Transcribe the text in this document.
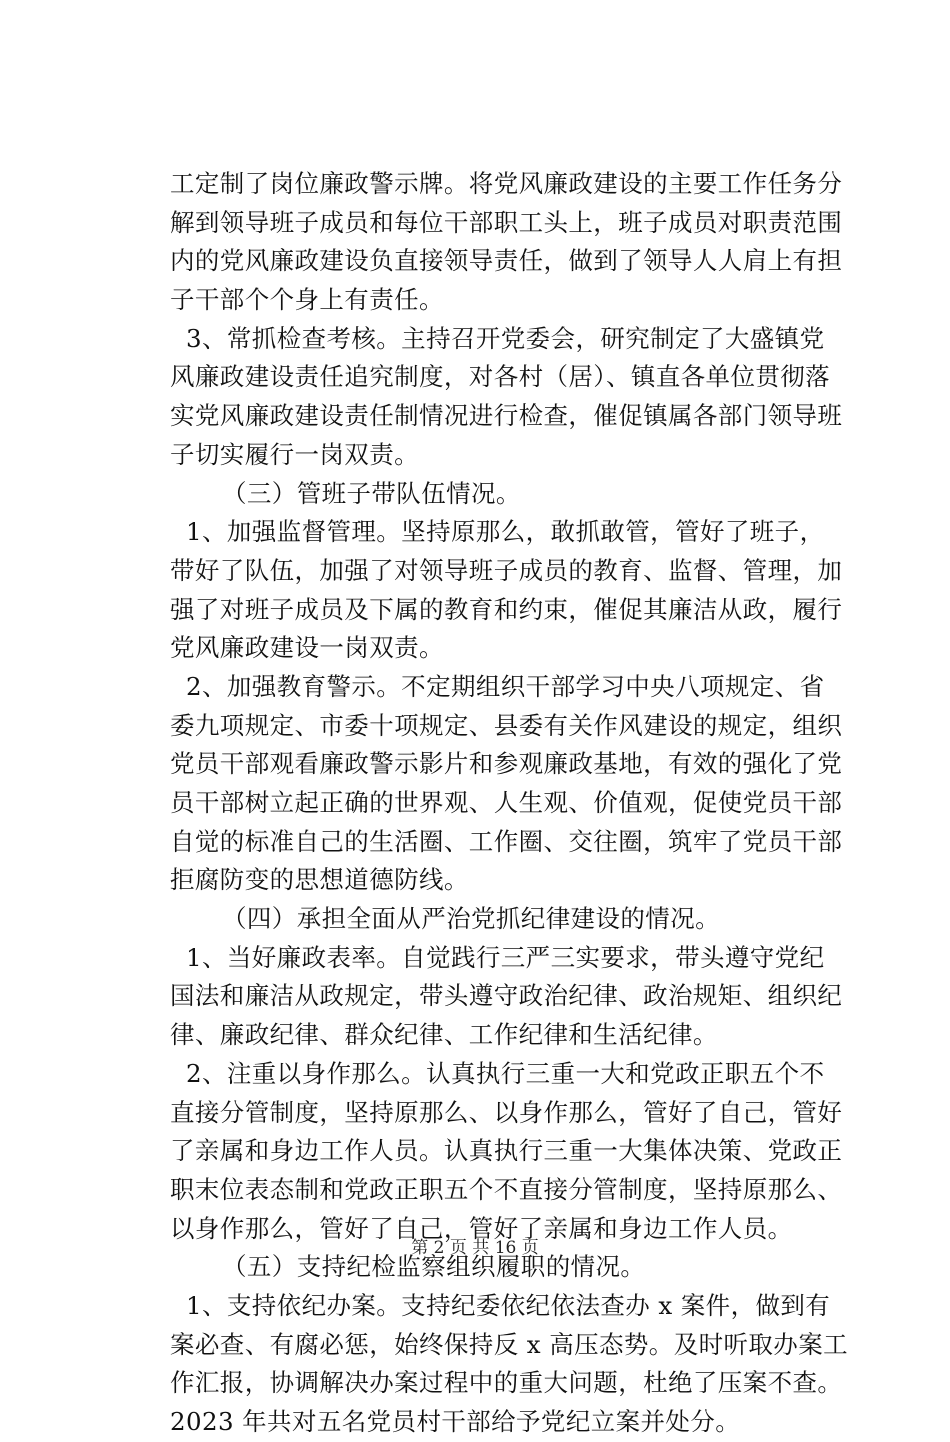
工定制了岗位廉政警示牌。将党风廉政建设的主要工作任务分
解到领导班子成员和每位干部职工头上，班子成员对职责范围
内的党风廉政建设负直接领导责任，做到了领导人人肩上有担
子干部个个身上有责任。
3、常抓检查考核。主持召开党委会，研究制定了大盛镇党
风廉政建设责任追究制度，对各村（居）、镇直各单位贯彻落
实党风廉政建设责任制情况进行检查，催促镇属各部门领导班
子切实履行一岗双责。
（三）管班子带队伍情况。
1、加强监督管理。坚持原那么，敢抓敢管，管好了班子，
带好了队伍，加强了对领导班子成员的教育、监督、管理，加
强了对班子成员及下属的教育和约束，催促其廉洁从政，履行
党风廉政建设一岗双责。
2、加强教育警示。不定期组织干部学习中央八项规定、省
委九项规定、市委十项规定、县委有关作风建设的规定，组织
党员干部观看廉政警示影片和参观廉政基地，有效的强化了党
员干部树立起正确的世界观、人生观、价值观，促使党员干部
自觉的标准自己的生活圈、工作圈、交往圈，筑牢了党员干部
拒腐防变的思想道德防线。
（四）承担全面从严治党抓纪律建设的情况。
1、当好廉政表率。自觉践行三严三实要求，带头遵守党纪
国法和廉洁从政规定，带头遵守政治纪律、政治规矩、组织纪
律、廉政纪律、群众纪律、工作纪律和生活纪律。
2、注重以身作那么。认真执行三重一大和党政正职五个不
直接分管制度，坚持原那么、以身作那么，管好了自己，管好
了亲属和身边工作人员。认真执行三重一大集体决策、党政正
职末位表态制和党政正职五个不直接分管制度，坚持原那么、
以身作那么，管好了自己，管好了亲属和身边工作人员。
（五）支持纪检监察组织履职的情况。
1、支持依纪办案。支持纪委依纪依法查办 x 案件，做到有
案必查、有腐必惩，始终保持反 x 高压态势。及时听取办案工
作汇报，协调解决办案过程中的重大问题，杜绝了压案不查。
2023 年共对五名党员村干部给予党纪立案并处分。
第 2 页 共 16 页
